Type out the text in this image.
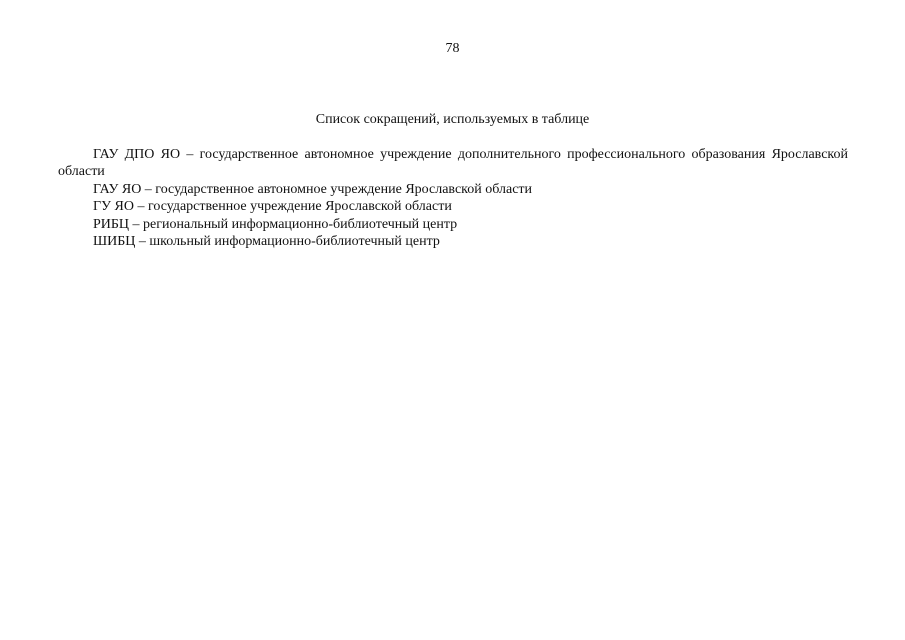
78
Список сокращений, используемых в таблице
ГАУ ДПО ЯО – государственное автономное учреждение дополнительного профессионального образования Ярославской области
ГАУ ЯО – государственное автономное учреждение Ярославской области
ГУ ЯО – государственное учреждение Ярославской области
РИБЦ – региональный информационно-библиотечный центр
ШИБЦ – школьный информационно-библиотечный центр
